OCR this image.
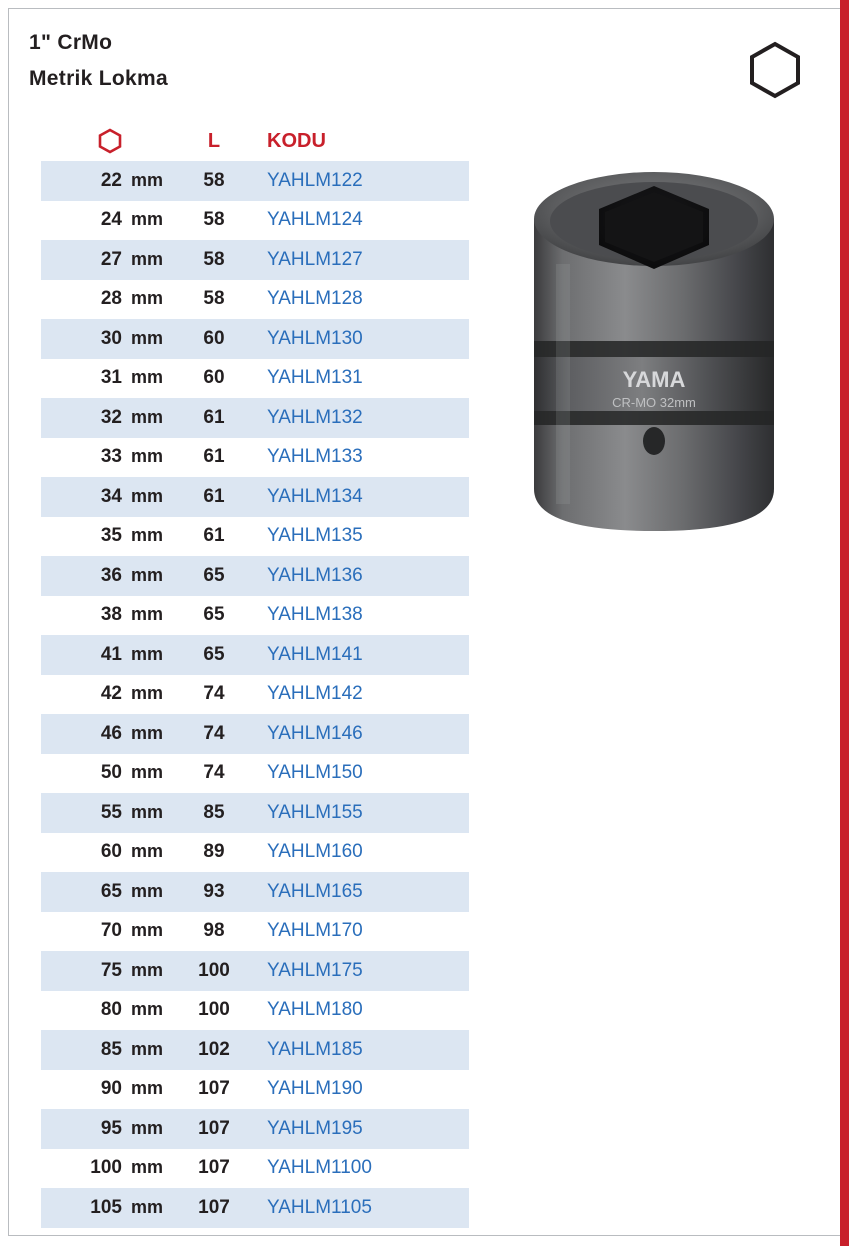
1" CrMo
Metrik Lokma
L	KODU
22 mm	58	YAHLM122
24 mm	58	YAHLM124
27 mm	58	YAHLM127
28 mm	58	YAHLM128
30 mm	60	YAHLM130
31 mm	60	YAHLM131
32 mm	61	YAHLM132
33 mm	61	YAHLM133
34 mm	61	YAHLM134
35 mm	61	YAHLM135
36 mm	65	YAHLM136
38 mm	65	YAHLM138
41 mm	65	YAHLM141
42 mm	74	YAHLM142
46 mm	74	YAHLM146
50 mm	74	YAHLM150
55 mm	85	YAHLM155
60 mm	89	YAHLM160
65 mm	93	YAHLM165
70 mm	98	YAHLM170
75 mm	100	YAHLM175
80 mm	100	YAHLM180
85 mm	102	YAHLM185
90 mm	107	YAHLM190
95 mm	107	YAHLM195
100 mm	107	YAHLM1100
105 mm	107	YAHLM1105
YAMA
CR-MO 32mm
